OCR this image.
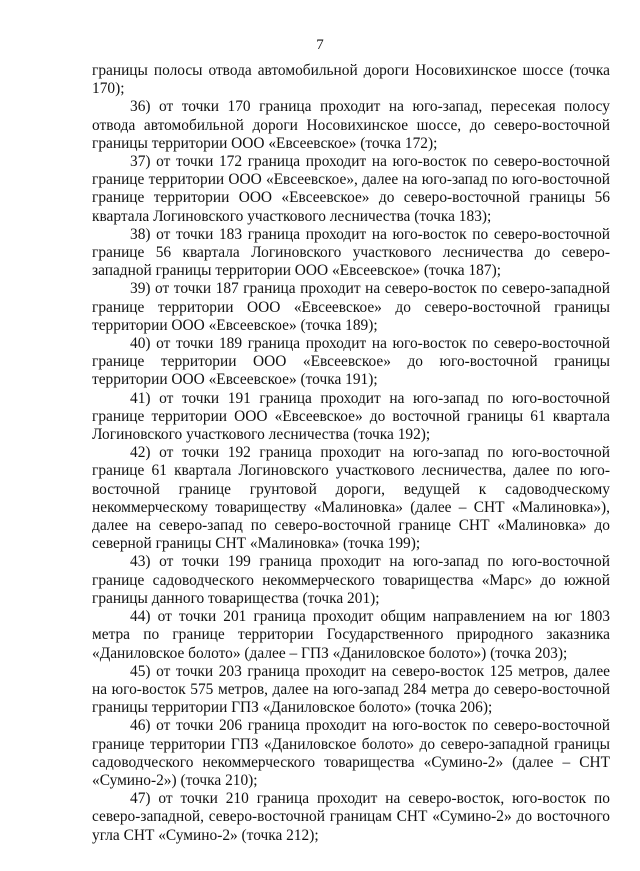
7

границы полосы отвода автомобильной дороги Носовихинское шоссе (точка 170);

36) от точки 170 граница проходит на юго-запад, пересекая полосу отвода автомобильной дороги Носовихинское шоссе, до северо-восточной границы территории ООО «Евсеевское» (точка 172);

37) от точки 172 граница проходит на юго-восток по северо-восточной границе территории ООО «Евсеевское», далее на юго-запад по юго-восточной границе территории ООО «Евсеевское» до северо-восточной границы 56 квартала Логиновского участкового лесничества (точка 183);

38) от точки 183 граница проходит на юго-восток по северо-восточной границе 56 квартала Логиновского участкового лесничества до северо-западной границы территории ООО «Евсеевское» (точка 187);

39) от точки 187 граница проходит на северо-восток по северо-западной границе территории ООО «Евсеевское» до северо-восточной границы территории ООО «Евсеевское» (точка 189);

40) от точки 189 граница проходит на юго-восток по северо-восточной границе территории ООО «Евсеевское» до юго-восточной границы территории ООО «Евсеевское» (точка 191);

41) от точки 191 граница проходит на юго-запад по юго-восточной границе территории ООО «Евсеевское» до восточной границы 61 квартала Логиновского участкового лесничества (точка 192);

42) от точки 192 граница проходит на юго-запад по юго-восточной границе 61 квартала Логиновского участкового лесничества, далее по юго-восточной границе грунтовой дороги, ведущей к садоводческому некоммерческому товариществу «Малиновка» (далее – СНТ «Малиновка»), далее на северо-запад по северо-восточной границе СНТ «Малиновка» до северной границы СНТ «Малиновка» (точка 199);

43) от точки 199 граница проходит на юго-запад по юго-восточной границе садоводческого некоммерческого товарищества «Марс» до южной границы данного товарищества (точка 201);

44) от точки 201 граница проходит общим направлением на юг 1803 метра по границе территории Государственного природного заказника «Даниловское болото» (далее – ГПЗ «Даниловское болото») (точка 203);

45) от точки 203 граница проходит на северо-восток 125 метров, далее на юго-восток 575 метров, далее на юго-запад 284 метра до северо-восточной границы территории ГПЗ «Даниловское болото» (точка 206);

46) от точки 206 граница проходит на юго-восток по северо-восточной границе территории ГПЗ «Даниловское болото» до северо-западной границы садоводческого некоммерческого товарищества «Сумино-2» (далее – СНТ «Сумино-2») (точка 210);

47) от точки 210 граница проходит на северо-восток, юго-восток по северо-западной, северо-восточной границам СНТ «Сумино-2» до восточного угла СНТ «Сумино-2» (точка 212);
